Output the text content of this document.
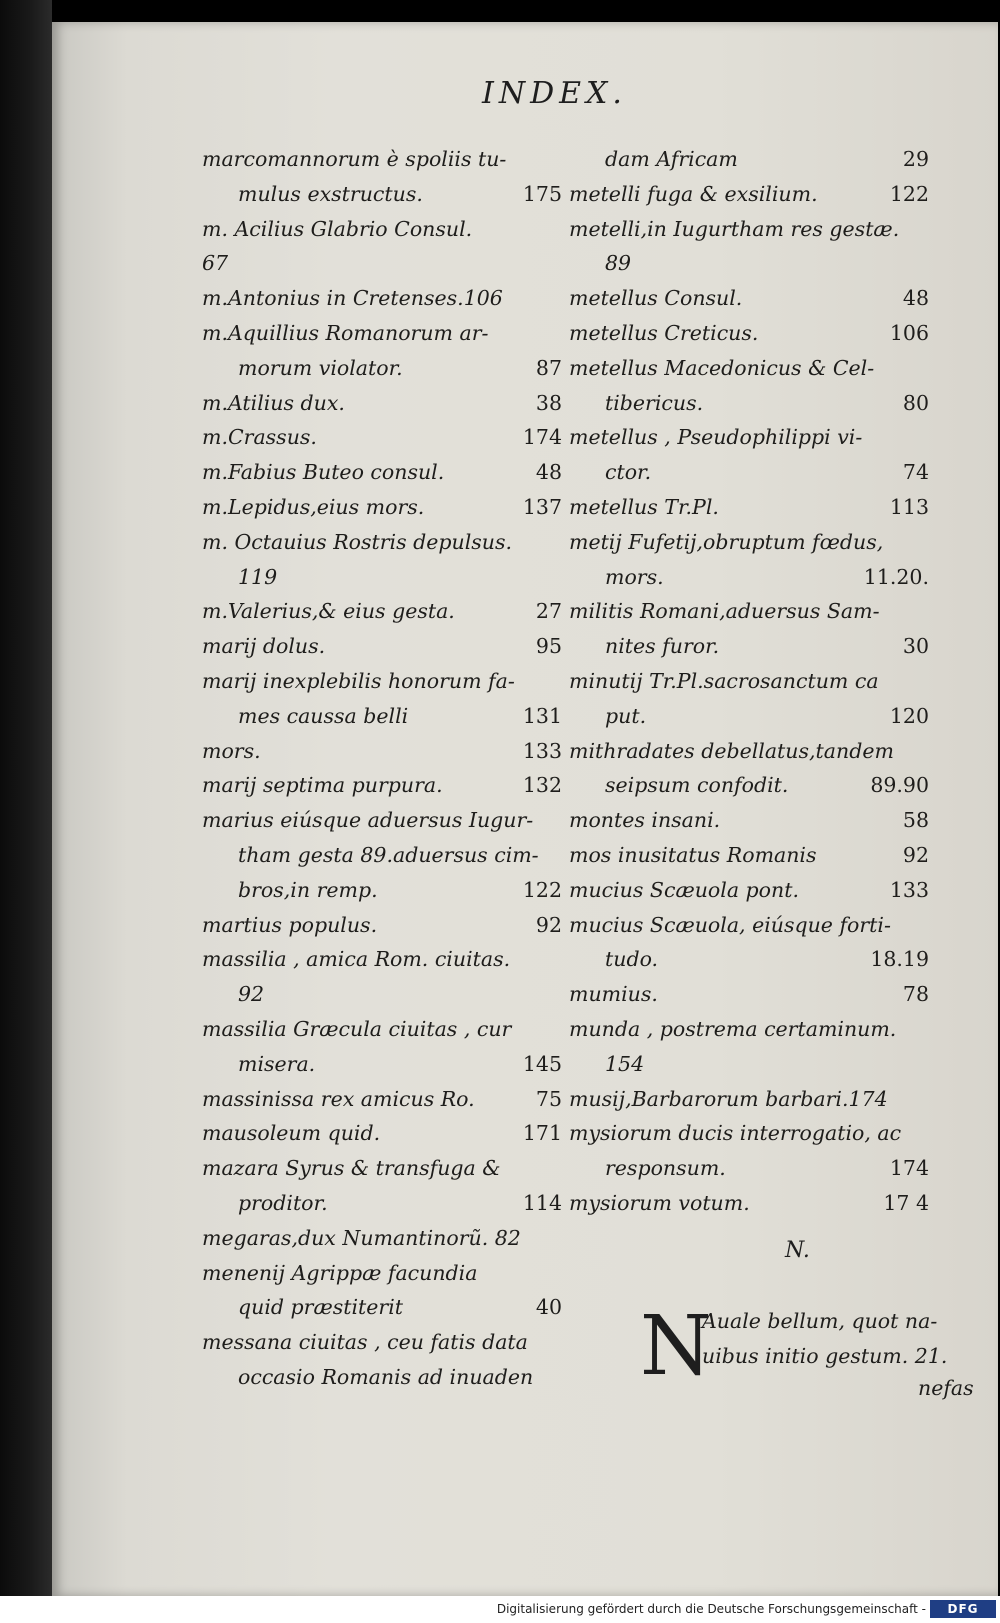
INDEX.
marcomannorum è spoliis tu-
mulus exstructus.	175
m. Acilius Glabrio Consul.
67
m.Antonius in Cretenses.106
m.Aquillius Romanorum ar-
morum violator.	87
m.Atilius dux.	38
m.Crassus.	174
m.Fabius Buteo consul.	48
m.Lepidus,eius mors.	137
m. Octauius Rostris depulsus.
119
m.Valerius,& eius gesta.	27
marij dolus.	95
marij inexplebilis honorum fa-
mes caussa belli	131
mors.	133
marij septima purpura.	132
marius eiúsque aduersus Iugur-
tham gesta 89.aduersus cim-
bros,in remp.	122
martius populus.	92
massilia , amica Rom. ciuitas.
92
massilia Græcula ciuitas , cur
misera.	145
massinissa rex amicus Ro.	75
mausoleum quid.	171
mazara Syrus & transfuga &
proditor.	114
megaras,dux Numantinorũ. 82
menenij Agrippæ facundia
quid præstiterit	40
messana ciuitas , ceu fatis data
occasio Romanis ad inuaden
dam Africam	29
metelli fuga & exsilium.	122
metelli,in Iugurtham res gestæ.
89
metellus Consul.	48
metellus Creticus.	106
metellus Macedonicus & Cel-
tibericus.	80
metellus , Pseudophilippi vi-
ctor.	74
metellus Tr.Pl.	113
metij Fufetij,obruptum fœdus,
mors.	11.20.
militis Romani,aduersus Sam-
nites furor.	30
minutij Tr.Pl.sacrosanctum ca
put.	120
mithradates debellatus,tandem
seipsum confodit.	89.90
montes insani.	58
mos inusitatus Romanis	92
mucius Scæuola pont.	133
mucius Scæuola, eiúsque forti-
tudo.	18.19
mumius.	78
munda , postrema certaminum.
154
musij,Barbarorum barbari.174
mysiorum ducis interrogatio, ac
responsum.	174
mysiorum votum.	17 4
N.
N
Auale bellum, quot na-
uibus initio gestum. 21.
nefas
Digitalisierung gefördert durch die Deutsche Forschungsgemeinschaft -	DFG
